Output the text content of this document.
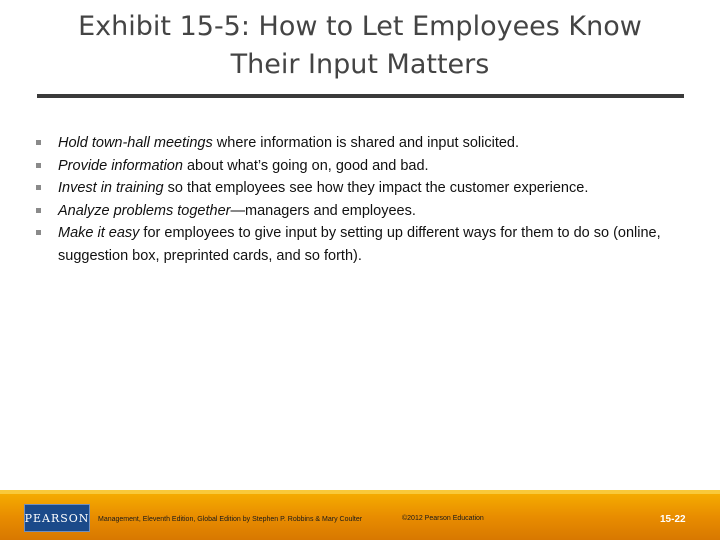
Exhibit 15-5: How to Let Employees Know
Their Input Matters
Hold town-hall meetings where information is shared and input solicited.
Provide information about what’s going on, good and bad.
Invest in training so that employees see how they impact the customer experience.
Analyze problems together—managers and employees.
Make it easy for employees to give input by setting up different ways for them to do so (online, suggestion box, preprinted cards, and so forth).
PEARSON Management, Eleventh Edition, Global Edition by Stephen P. Robbins & Mary Coulter	©2012 Pearson Education	15-22
